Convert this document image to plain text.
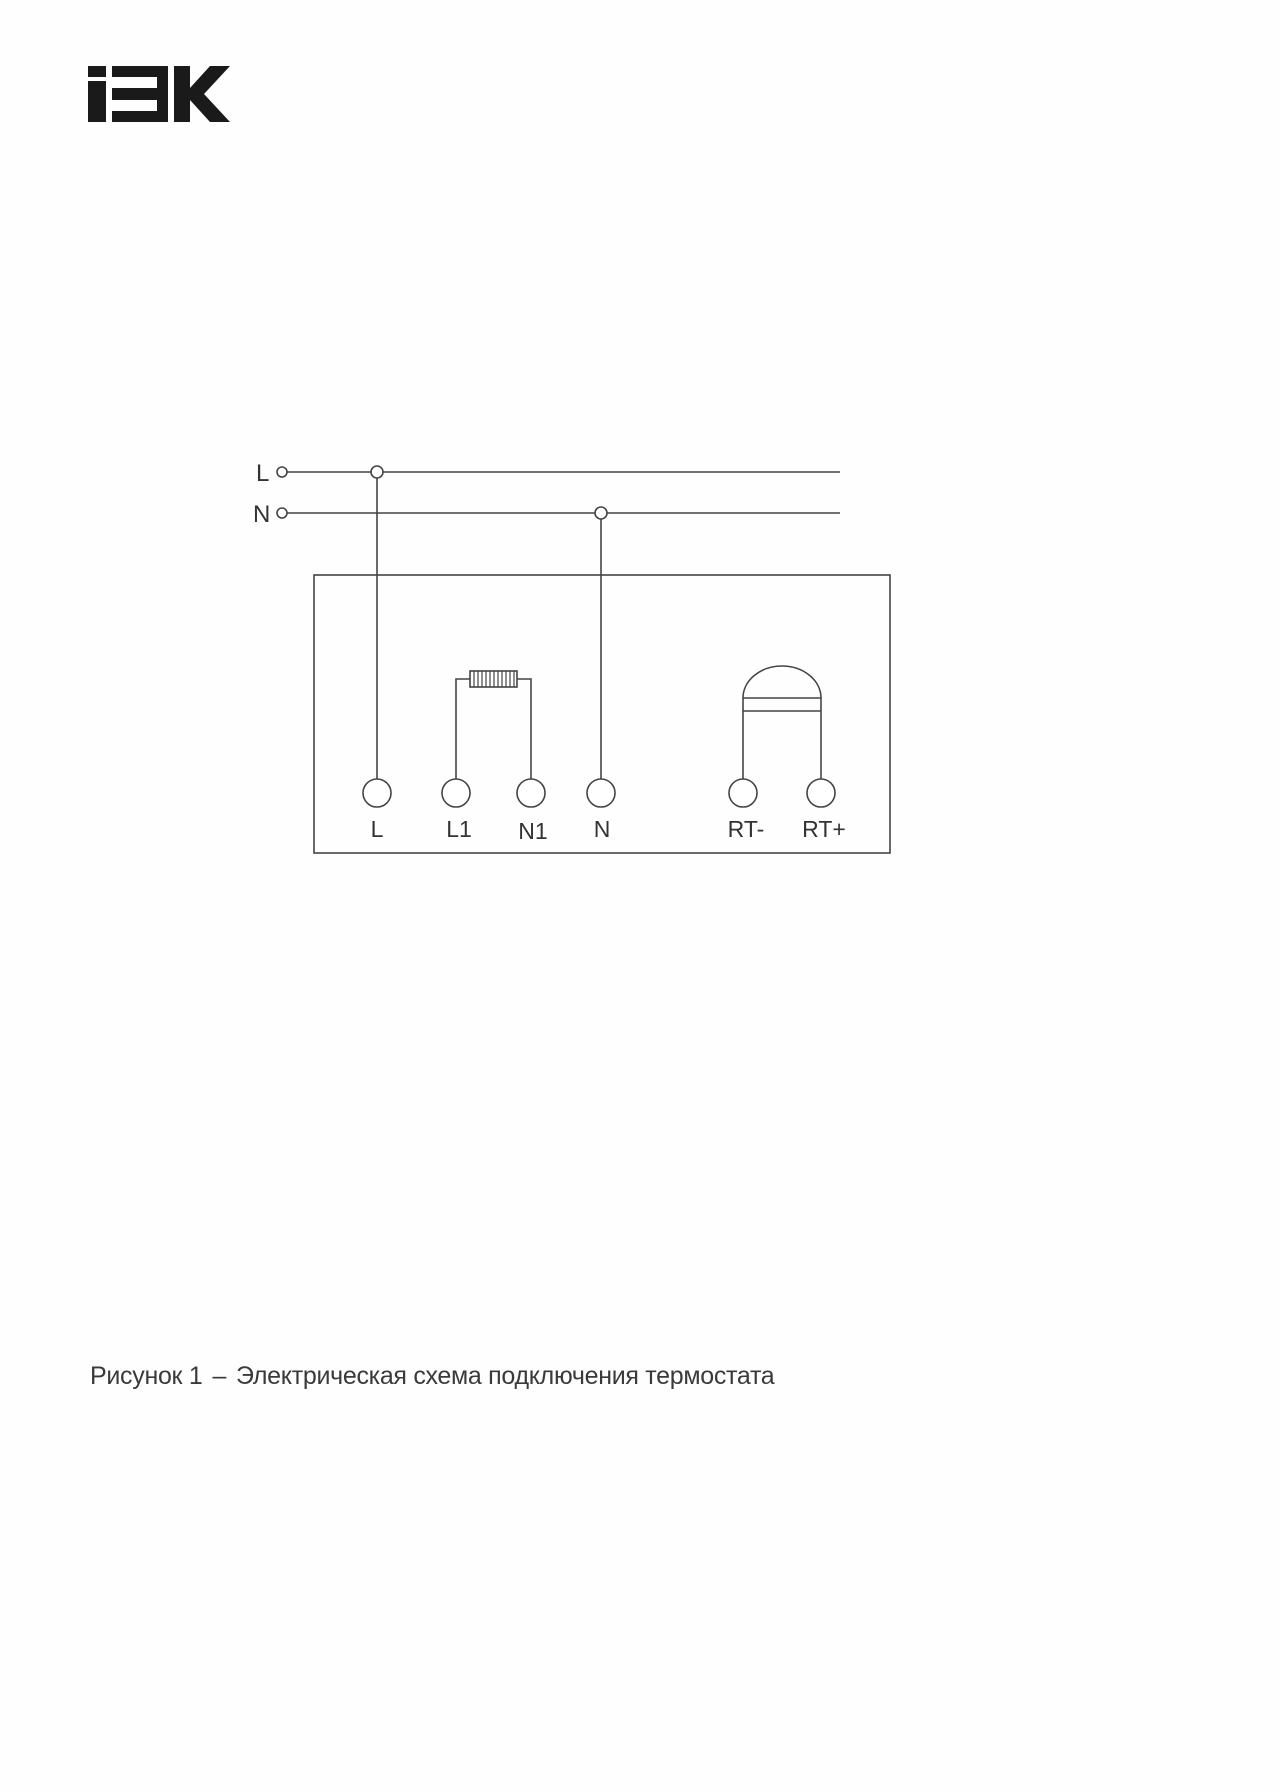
L
N
L	L1 N1 N	RT- RT+
Рисунок 1 – Электрическая схема подключения термостата
